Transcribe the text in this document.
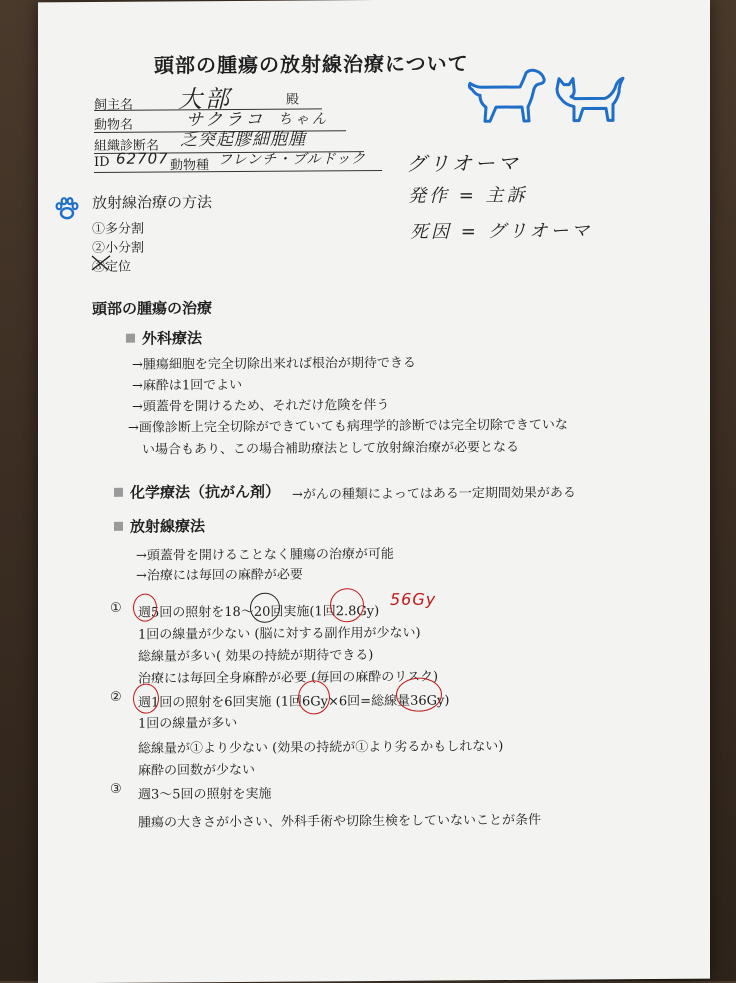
頭部の腫瘍の放射線治療について
飼主名 大部	殿
動物名	サクラコ ちゃん
組織診断名 乏突起膠細胞腫
ID 62707 動物種 フレンチ・ブルドック グリオーマ
発作 = 主訴
死因 = グリオーマ
放射線治療の方法
①多分割
②小分割
③定位
頭部の腫瘍の治療
外科療法
→腫瘍細胞を完全切除出来れば根治が期待できる
→麻酔は1回でよい
→頭蓋骨を開けるため、それだけ危険を伴う
→画像診断上完全切除ができていても病理学的診断では完全切除できていな
い場合もあり、この場合補助療法として放射線治療が必要となる
化学療法（抗がん剤） →がんの種類によってはある一定期間効果がある
放射線療法
→頭蓋骨を開けることなく腫瘍の治療が可能
→治療には毎回の麻酔が必要
① 週5回の照射を18〜20回実施(1回2.8Gy)
56Gy
1回の線量が少ない (脳に対する副作用が少ない)
総線量が多い( 効果の持続が期待できる)
治療には毎回全身麻酔が必要 (毎回の麻酔のリスク)
② 週1回の照射を6回実施 (1回6Gy×6回=総線量36Gy)
1回の線量が多い
総線量が①より少ない (効果の持続が①より劣るかもしれない)
麻酔の回数が少ない
③ 週3〜5回の照射を実施
腫瘍の大きさが小さい、外科手術や切除生検をしていないことが条件
